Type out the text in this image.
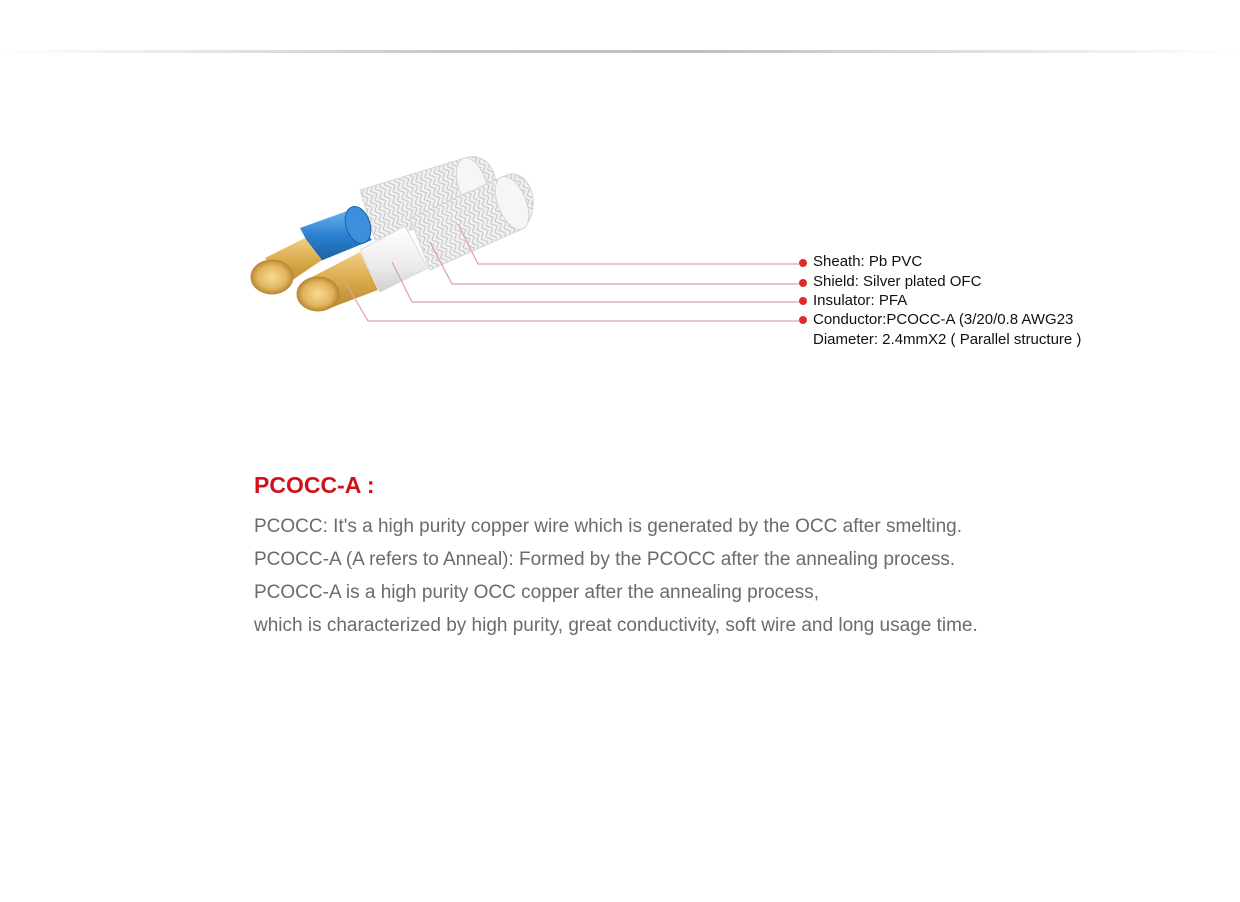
Sheath: Pb PVC
Shield: Silver plated OFC
Insulator: PFA
Conductor:PCOCC-A (3/20/0.8 AWG23
Diameter: 2.4mmX2 ( Parallel structure )
PCOCC-A :

PCOCC: It's a high purity copper wire which is generated by the OCC after smelting.

PCOCC-A (A refers to Anneal): Formed by the PCOCC after the annealing process.

PCOCC-A is a high purity OCC copper after the annealing process,

which is characterized by high purity, great conductivity, soft wire and long usage time.
